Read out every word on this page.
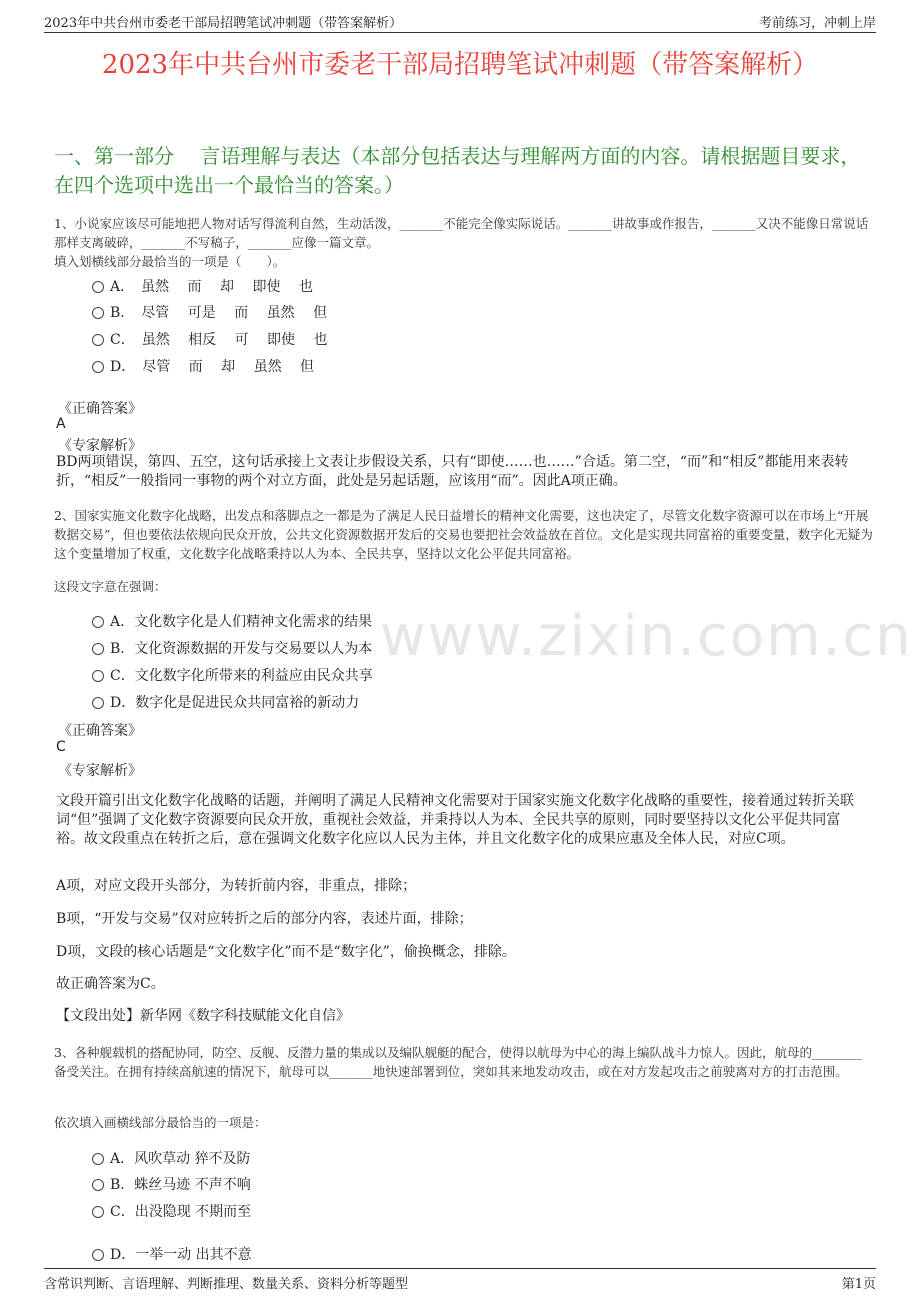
2023年中共台州市委老干部局招聘笔试冲刺题（带答案解析）	考前练习，冲刺上岸
2023年中共台州市委老干部局招聘笔试冲刺题（带答案解析）
一、第一部分　 言语理解与表达（本部分包括表达与理解两方面的内容。请根据题目要求，在四个选项中选出一个最恰当的答案。）
www.zixin.com.cn
1、小说家应该尽可能地把人物对话写得流利自然，生动活泼，_______不能完全像实际说话。_______讲故事或作报告，_______又决不能像日常说话那样支离破碎，_______不写稿子，_______应像一篇文章。
填入划横线部分最恰当的一项是（　　）。
A．　虽然　 而　 却　 即使　 也
B．　尽管　 可是　 而　 虽然　 但
C．　虽然　 相反　 可　 即使　 也
D．　尽管　 而　 却　 虽然　 但
《正确答案》
A
《专家解析》
BD两项错误，第四、五空，这句话承接上文表让步假设关系，只有“即使……也……”合适。第二空，“而”和“相反”都能用来表转折，“相反”一般指同一事物的两个对立方面，此处是另起话题，应该用“而”。因此A项正确。
2、国家实施文化数字化战略，出发点和落脚点之一都是为了满足人民日益增长的精神文化需要，这也决定了，尽管文化数字资源可以在市场上“开展数据交易”，但也要依法依规向民众开放，公共文化资源数据开发后的交易也要把社会效益放在首位。文化是实现共同富裕的重要变量，数字化无疑为这个变量增加了权重，文化数字化战略秉持以人为本、全民共享，坚持以文化公平促共同富裕。
这段文字意在强调：
A．文化数字化是人们精神文化需求的结果
B．文化资源数据的开发与交易要以人为本
C．文化数字化所带来的利益应由民众共享
D．数字化是促进民众共同富裕的新动力
《正确答案》
C
《专家解析》
文段开篇引出文化数字化战略的话题，并阐明了满足人民精神文化需要对于国家实施文化数字化战略的重要性，接着通过转折关联词“但”强调了文化数字资源要向民众开放，重视社会效益，并秉持以人为本、全民共享的原则，同时要坚持以文化公平促共同富裕。故文段重点在转折之后，意在强调文化数字化应以人民为主体，并且文化数字化的成果应惠及全体人民，对应C项。
A项，对应文段开头部分，为转折前内容，非重点，排除；
B项，“开发与交易”仅对应转折之后的部分内容，表述片面，排除；
D项，文段的核心话题是“文化数字化”而不是“数字化”，偷换概念，排除。
故正确答案为C。
【文段出处】新华网《数字科技赋能文化自信》
3、各种舰载机的搭配协同，防空、反舰、反潜力量的集成以及编队舰艇的配合，使得以航母为中心的海上编队战斗力惊人。因此，航母的________备受关注。在拥有持续高航速的情况下，航母可以_______地快速部署到位，突如其来地发动攻击，或在对方发起攻击之前驶离对方的打击范围。
依次填入画横线部分最恰当的一项是：
A．风吹草动 猝不及防
B．蛛丝马迹 不声不响
C．出没隐现 不期而至
D．一举一动 出其不意
含常识判断、言语理解、判断推理、数量关系、资料分析等题型	第1页
